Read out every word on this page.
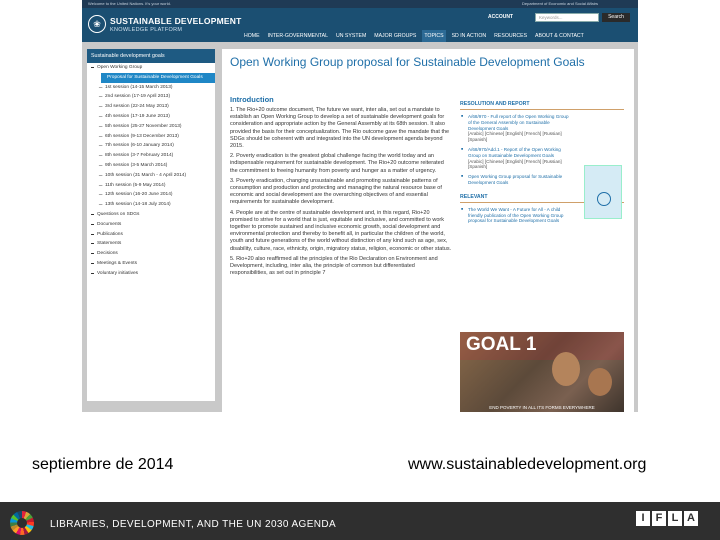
Welcome to the United Nations. It's your world.	Department of Economic and Social Affairs
❀	SUSTAINABLE DEVELOPMENT
KNOWLEDGE PLATFORM
ACCOUNT	Keywords...	Search
HOME	INTER-GOVERNMENTAL	UN SYSTEM	MAJOR GROUPS	TOPICS	SD IN ACTION	RESOURCES	ABOUT & CONTACT
Sustainable development goals
Open Working Group
Proposal for Sustainable Development Goals
_ 1st session (14-15 March 2013)
_ 2nd session (17-19 April 2013)
_ 3rd session (22-24 May 2013)
_ 4th session (17-19 June 2013)
_ 5th session (25-27 November 2013)
_ 6th session (9-13 December 2013)
_ 7th session (6-10 January 2014)
_ 8th session (3-7 February 2014)
_ 9th session (3-5 March 2014)
_ 10th session (31 March - 4 April 2014)
_ 11th session (5-9 May 2014)
_ 12th session (16-20 June 2014)
_ 13th session (14-18 July 2014)
Questions on SDGs
Documents
Publications
Statements
Decisions
Meetings & Events
Voluntary initiatives
Open Working Group proposal for Sustainable Development Goals
Introduction

1. The Rio+20 outcome document, The future we want, inter alia, set out a mandate to establish an Open Working Group to develop a set of sustainable development goals for consideration and appropriate action by the General Assembly at its 68th session. It also provided the basis for their conceptualization. The Rio outcome gave the mandate that the SDGs should be coherent with and integrated into the UN development agenda beyond 2015.

2. Poverty eradication is the greatest global challenge facing the world today and an indispensable requirement for sustainable development. The Rio+20 outcome reiterated the commitment to freeing humanity from poverty and hunger as a matter of urgency.

3. Poverty eradication, changing unsustainable and promoting sustainable patterns of consumption and production and protecting and managing the natural resource base of economic and social development are the overarching objectives of and essential requirements for sustainable development.

4. People are at the centre of sustainable development and, in this regard, Rio+20 promised to strive for a world that is just, equitable and inclusive, and committed to work together to promote sustained and inclusive economic growth, social development and environmental protection and thereby to benefit all, in particular the children of the world, youth and future generations of the world without distinction of any kind such as age, sex, disability, culture, race, ethnicity, origin, migratory status, religion, economic or other status.

5. Rio+20 also reaffirmed all the principles of the Rio Declaration on Environment and Development, including, inter alia, the principle of common but differentiated responsibilities, as set out in principle 7

RESOLUTION AND REPORT
■ A/68/970 - Full report of the Open Working Group of the General Assembly on Sustainable Development Goals
[Arabic] [Chinese] [English] [French] [Russian] [Spanish]
■ A/68/970/Add.1 - Report of the Open Working Group on Sustainable Development Goals
[Arabic] [Chinese] [English] [French] [Russian] [Spanish]
■ Open Working Group proposal for Sustainable Development Goals
RELEVANT
■ The World We Want - A Future for All - A child friendly publication of the Open Working Group proposal for Sustainable Development Goals
GOAL 1
END POVERTY IN ALL ITS FORMS EVERYWHERE
septiembre de 2014	www.sustainabledevelopment.org
LIBRARIES, DEVELOPMENT, AND THE UN 2030 AGENDA
I	F L A
